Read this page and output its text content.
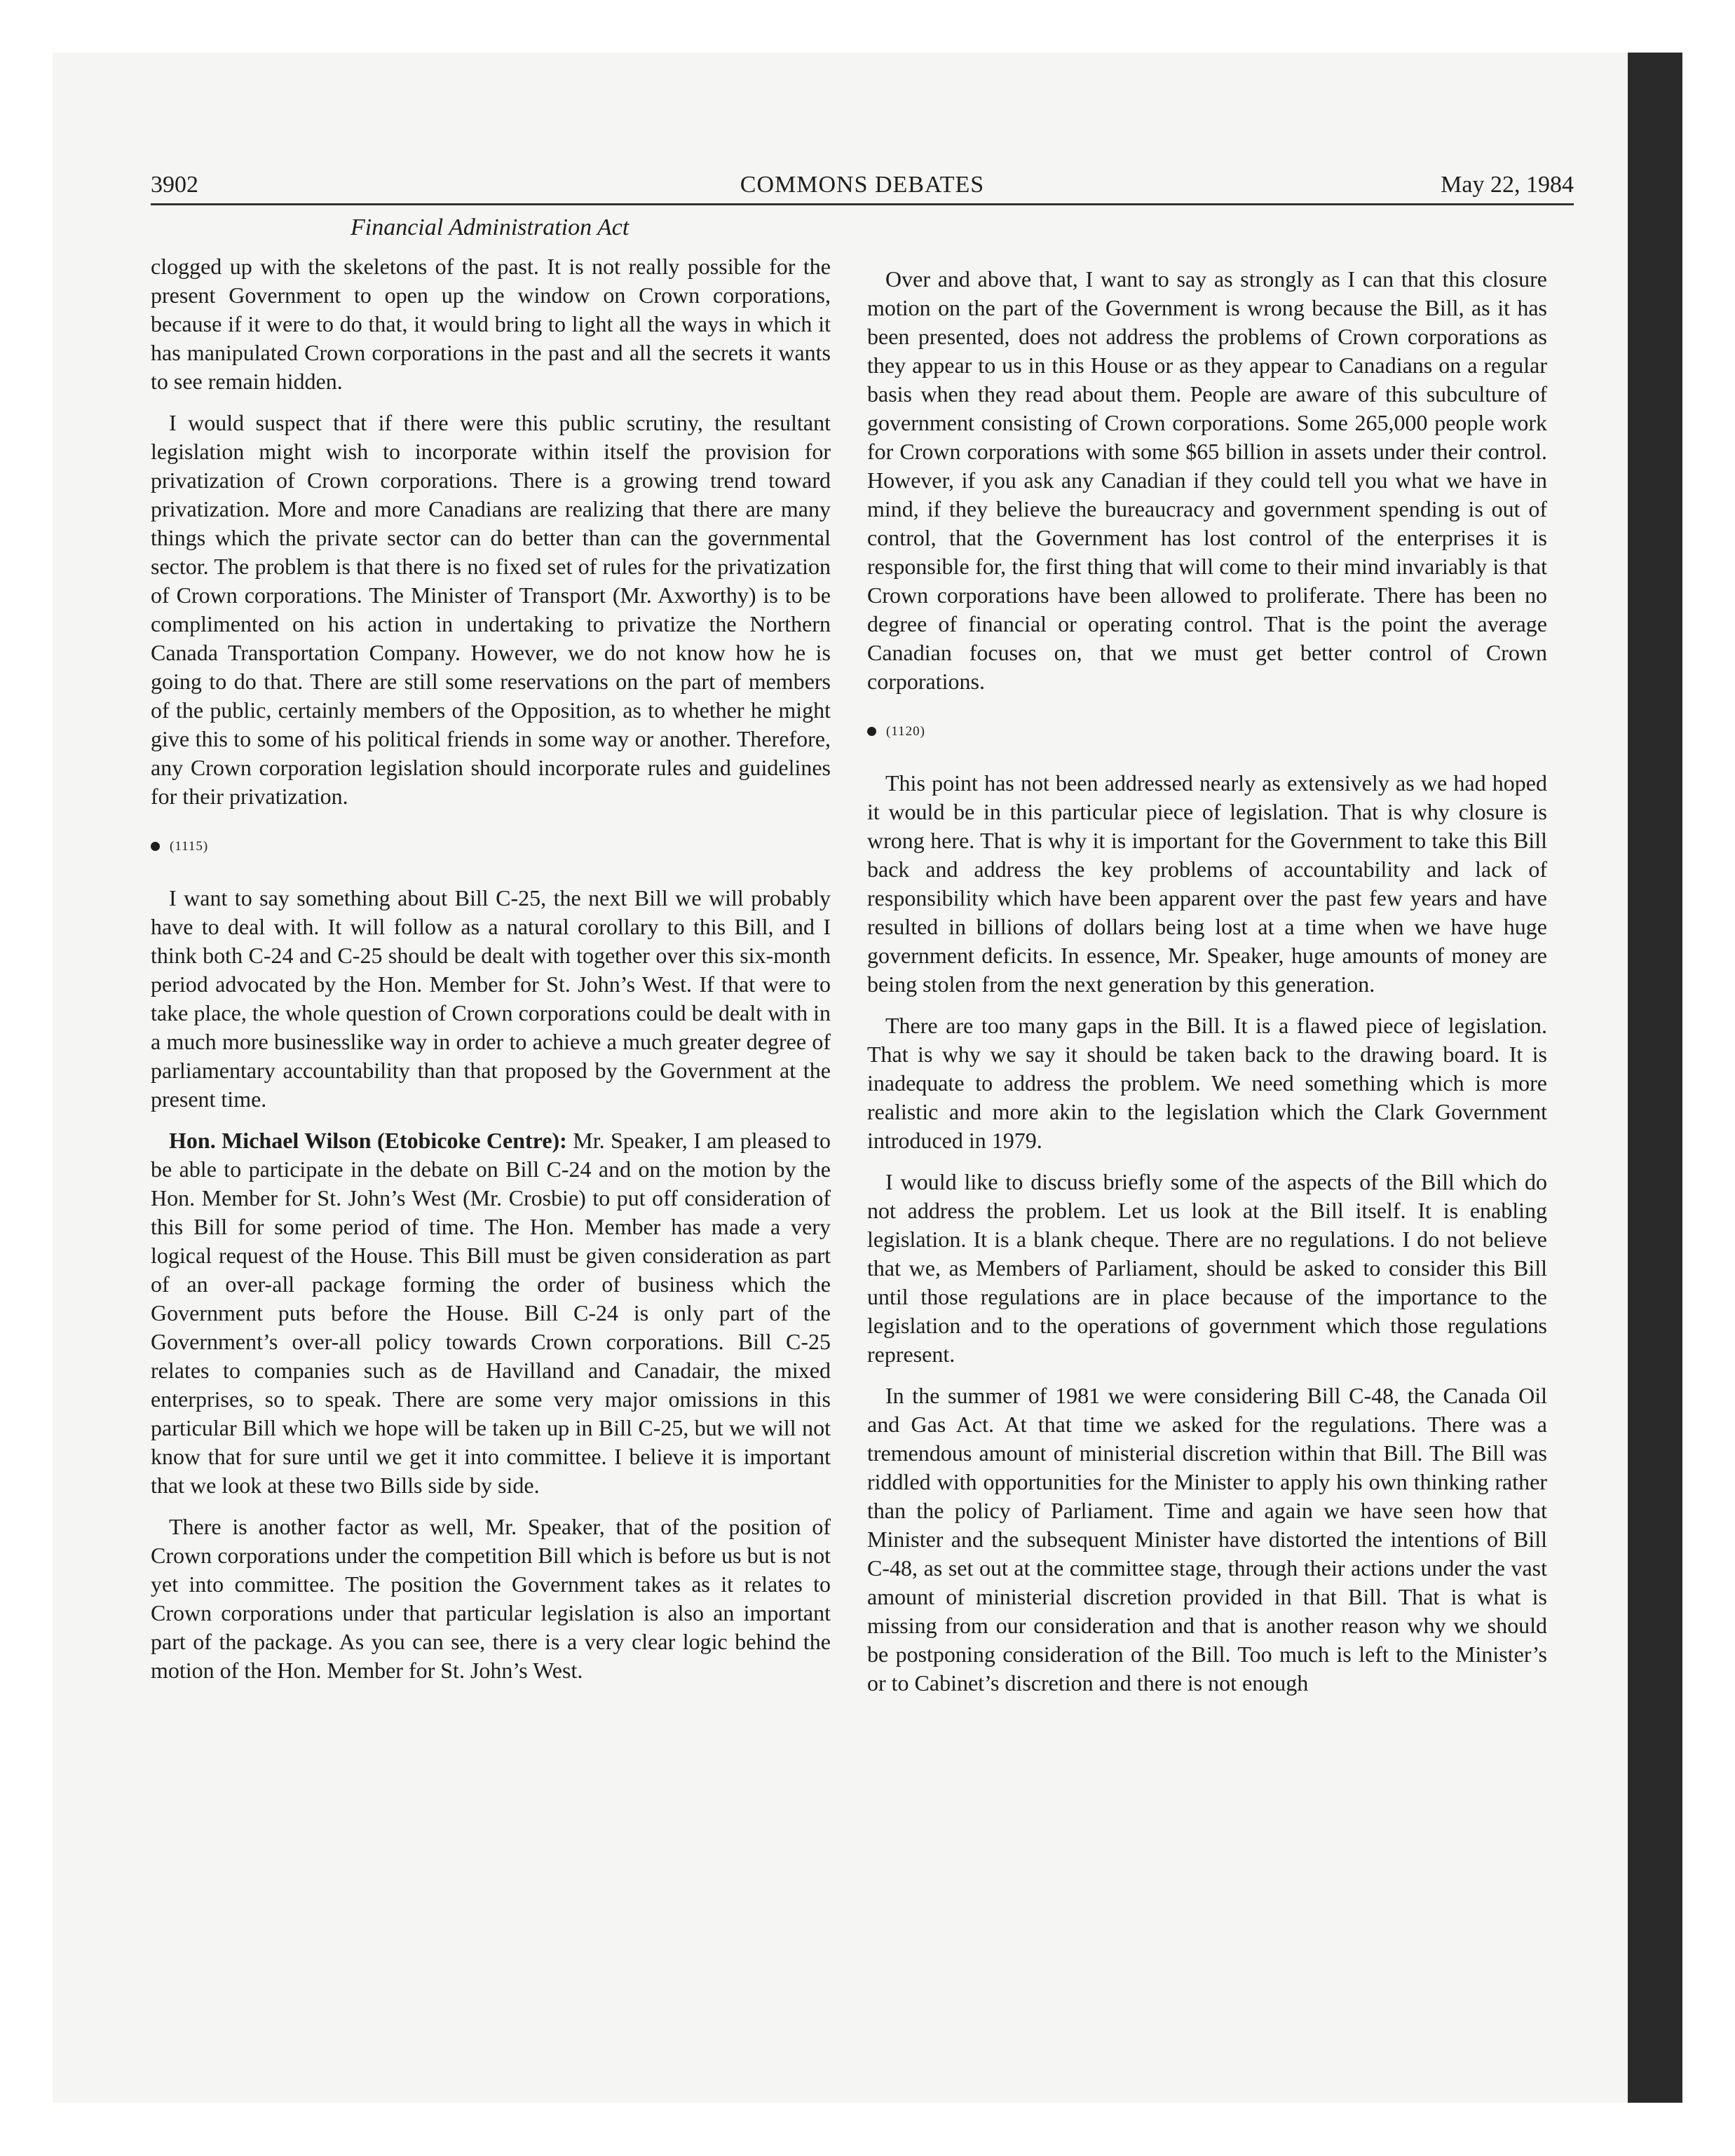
COMMONS DEBATES
3902	May 22, 1984
Financial Administration Act

clogged up with the skeletons of the past. It is not really possible for the present Government to open up the window on Crown corporations, because if it were to do that, it would bring to light all the ways in which it has manipulated Crown corporations in the past and all the secrets it wants to see remain hidden.

I would suspect that if there were this public scrutiny, the resultant legislation might wish to incorporate within itself the provision for privatization of Crown corporations. There is a growing trend toward privatization. More and more Canadians are realizing that there are many things which the private sector can do better than can the governmental sector. The problem is that there is no fixed set of rules for the privatization of Crown corporations. The Minister of Transport (Mr. Axworthy) is to be complimented on his action in undertaking to privatize the Northern Canada Transportation Company. However, we do not know how he is going to do that. There are still some reservations on the part of members of the public, certainly members of the Opposition, as to whether he might give this to some of his political friends in some way or another. Therefore, any Crown corporation legislation should incorporate rules and guidelines for their privatization.

(1115)

I want to say something about Bill C-25, the next Bill we will probably have to deal with. It will follow as a natural corollary to this Bill, and I think both C-24 and C-25 should be dealt with together over this six-month period advocated by the Hon. Member for St. John’s West. If that were to take place, the whole question of Crown corporations could be dealt with in a much more businesslike way in order to achieve a much greater degree of parliamentary accountability than that proposed by the Government at the present time.

Hon. Michael Wilson (Etobicoke Centre): Mr. Speaker, I am pleased to be able to participate in the debate on Bill C-24 and on the motion by the Hon. Member for St. John’s West (Mr. Crosbie) to put off consideration of this Bill for some period of time. The Hon. Member has made a very logical request of the House. This Bill must be given consideration as part of an over-all package forming the order of business which the Government puts before the House. Bill C-24 is only part of the Government’s over-all policy towards Crown corporations. Bill C-25 relates to companies such as de Havilland and Canadair, the mixed enterprises, so to speak. There are some very major omissions in this particular Bill which we hope will be taken up in Bill C-25, but we will not know that for sure until we get it into committee. I believe it is important that we look at these two Bills side by side.

There is another factor as well, Mr. Speaker, that of the position of Crown corporations under the competition Bill which is before us but is not yet into committee. The position the Government takes as it relates to Crown corporations under that particular legislation is also an important part of the package. As you can see, there is a very clear logic behind the motion of the Hon. Member for St. John’s West.

Over and above that, I want to say as strongly as I can that this closure motion on the part of the Government is wrong because the Bill, as it has been presented, does not address the problems of Crown corporations as they appear to us in this House or as they appear to Canadians on a regular basis when they read about them. People are aware of this subculture of government consisting of Crown corporations. Some 265,000 people work for Crown corporations with some $65 billion in assets under their control. However, if you ask any Canadian if they could tell you what we have in mind, if they believe the bureaucracy and government spending is out of control, that the Government has lost control of the enterprises it is responsible for, the first thing that will come to their mind invariably is that Crown corporations have been allowed to proliferate. There has been no degree of financial or operating control. That is the point the average Canadian focuses on, that we must get better control of Crown corporations.

(1120)

This point has not been addressed nearly as extensively as we had hoped it would be in this particular piece of legislation. That is why closure is wrong here. That is why it is important for the Government to take this Bill back and address the key problems of accountability and lack of responsibility which have been apparent over the past few years and have resulted in billions of dollars being lost at a time when we have huge government deficits. In essence, Mr. Speaker, huge amounts of money are being stolen from the next generation by this generation.

There are too many gaps in the Bill. It is a flawed piece of legislation. That is why we say it should be taken back to the drawing board. It is inadequate to address the problem. We need something which is more realistic and more akin to the legislation which the Clark Government introduced in 1979.

I would like to discuss briefly some of the aspects of the Bill which do not address the problem. Let us look at the Bill itself. It is enabling legislation. It is a blank cheque. There are no regulations. I do not believe that we, as Members of Parliament, should be asked to consider this Bill until those regulations are in place because of the importance to the legislation and to the operations of government which those regulations represent.

In the summer of 1981 we were considering Bill C-48, the Canada Oil and Gas Act. At that time we asked for the regulations. There was a tremendous amount of ministerial discretion within that Bill. The Bill was riddled with opportunities for the Minister to apply his own thinking rather than the policy of Parliament. Time and again we have seen how that Minister and the subsequent Minister have distorted the intentions of Bill C-48, as set out at the committee stage, through their actions under the vast amount of ministerial discretion provided in that Bill. That is what is missing from our consideration and that is another reason why we should be postponing consideration of the Bill. Too much is left to the Minister’s or to Cabinet’s discretion and there is not enough
